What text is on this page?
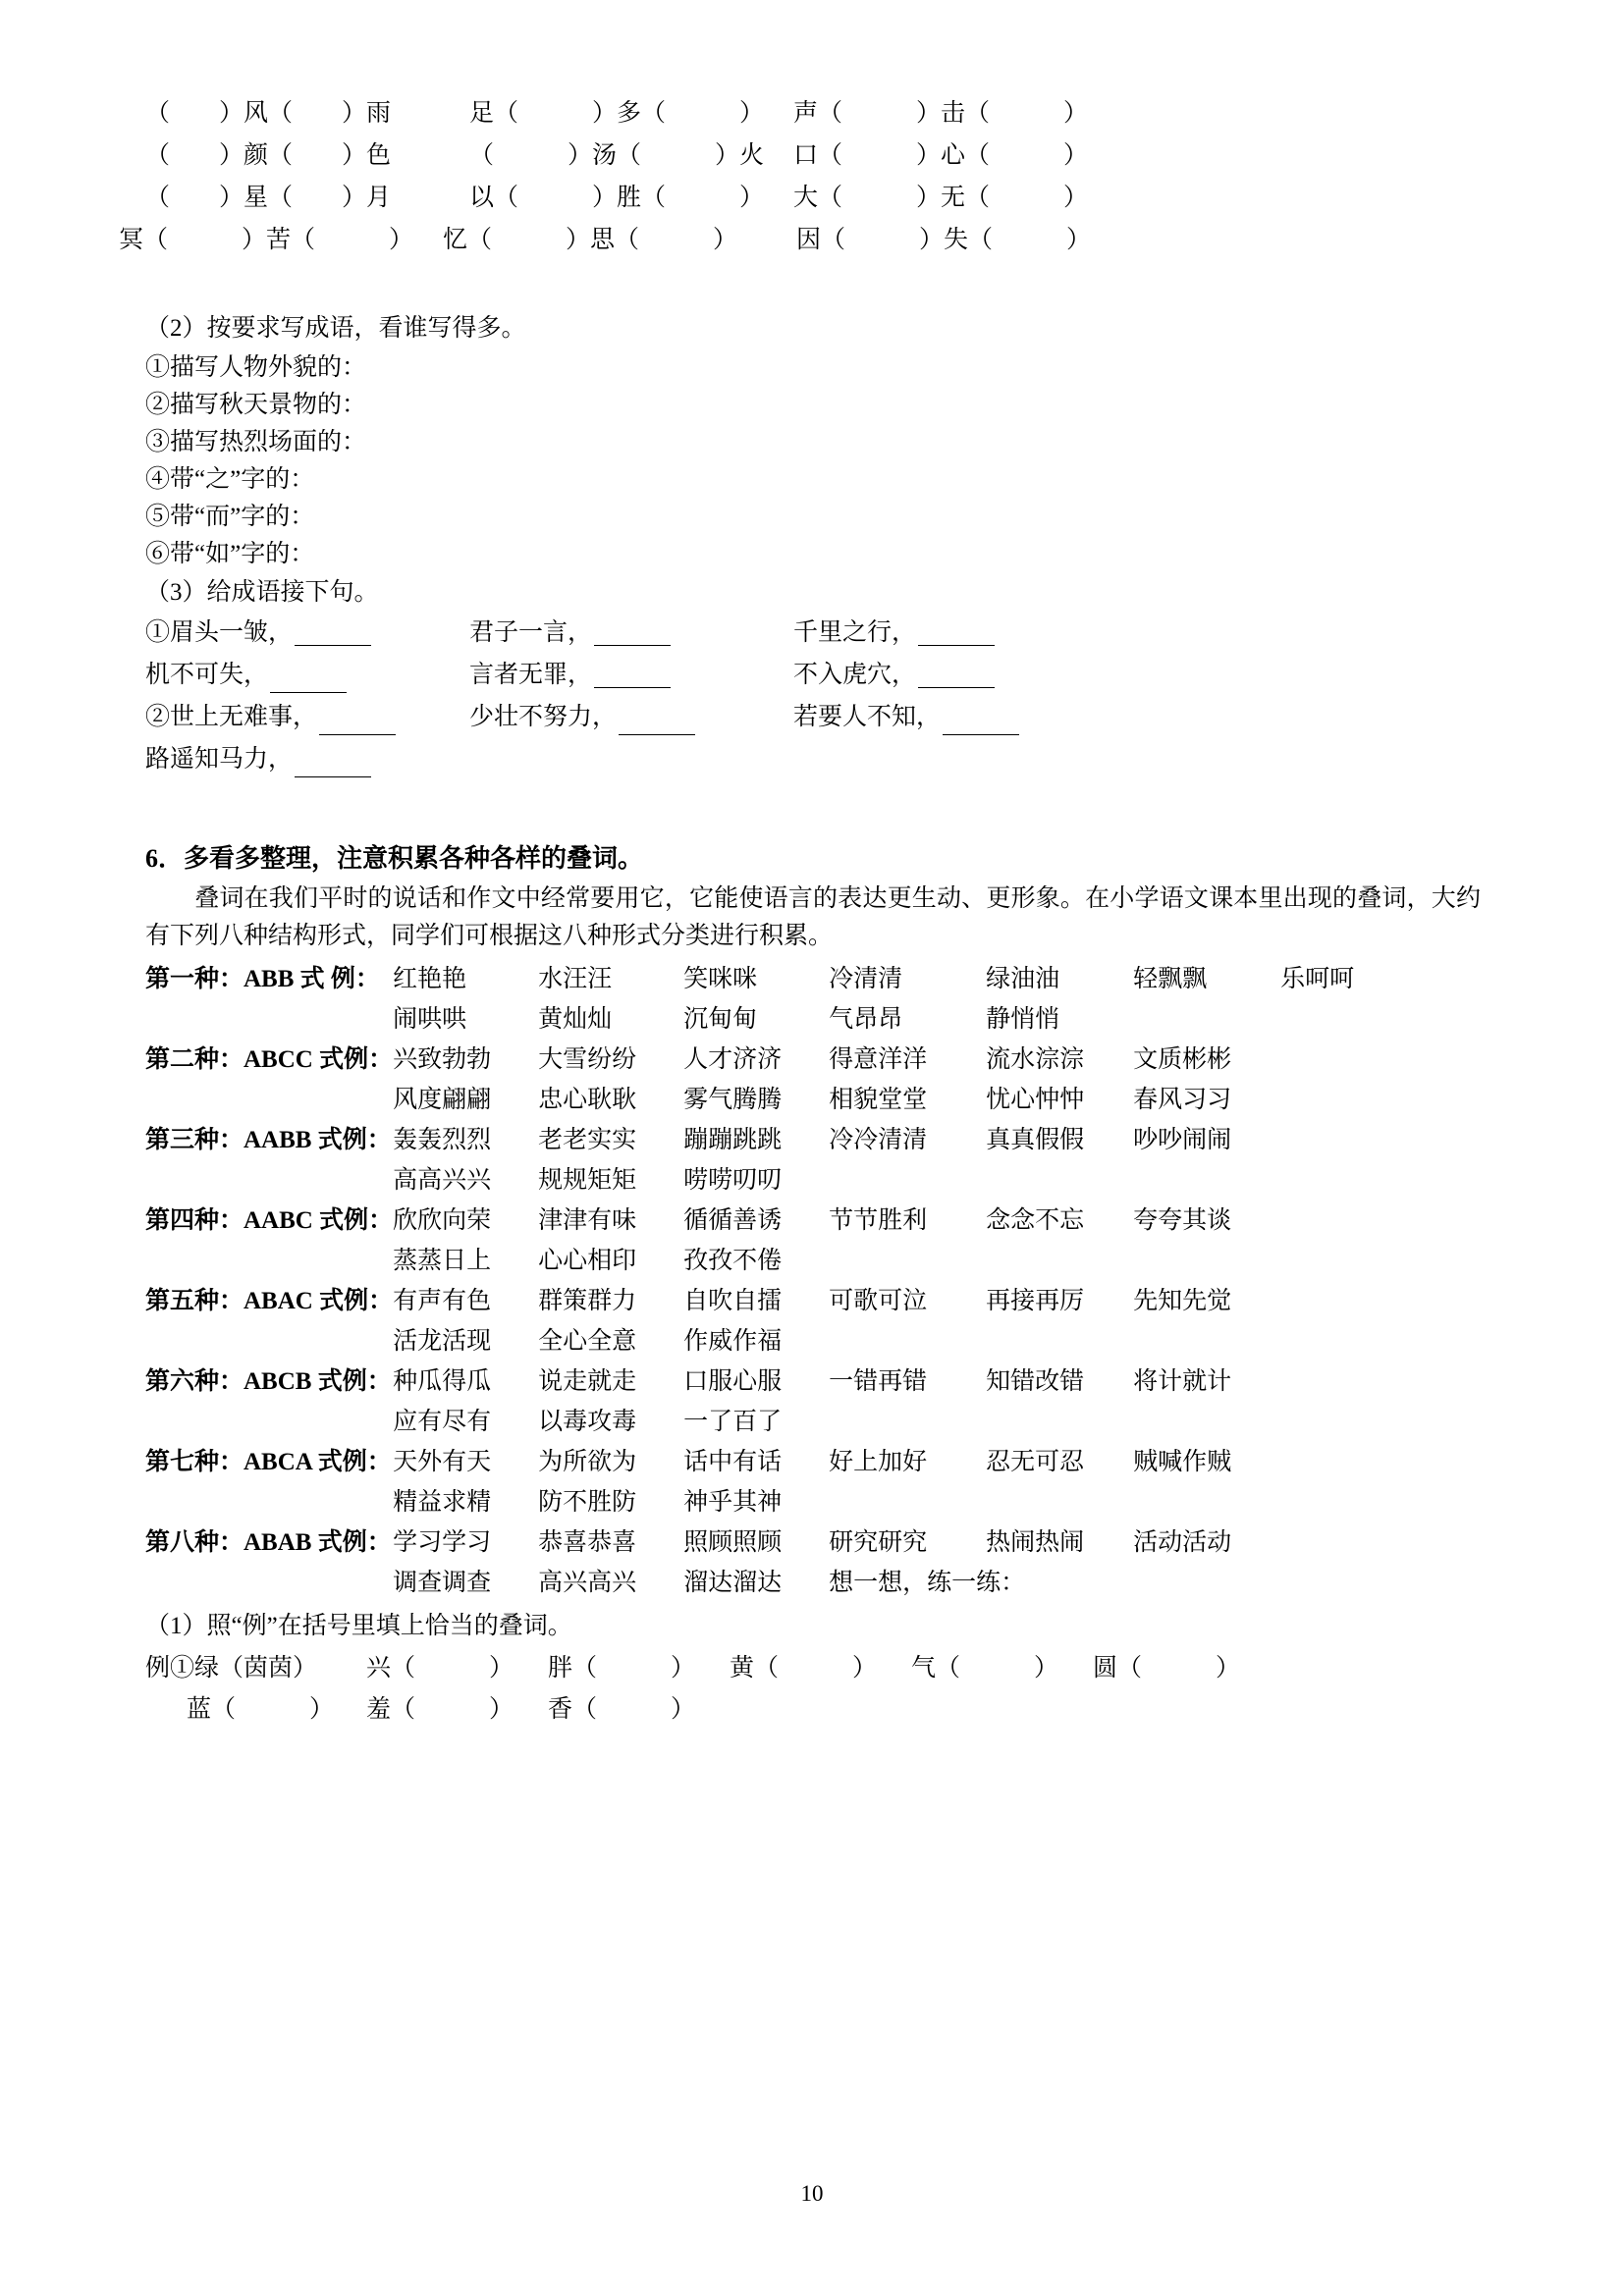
（　　）风（　　）雨	足（　　　）多（　　　）	声（　　　）击（　　　）
（　　）颜（　　）色	（　　　）汤（　　　）火	口（　　　）心（　　　）
（　　）星（　　）月	以（　　　）胜（　　　）	大（　　　）无（　　　）
冥（　　　）苦（　　　）	忆（　　　）思（　　　）	因（　　　）失（　　　）
（2）按要求写成语，看谁写得多。
①描写人物外貌的：
②描写秋天景物的：
③描写热烈场面的：
④带“之”字的：
⑤带“而”字的：
⑥带“如”字的：
（3）给成语接下句。
①眉头一皱，	君子一言，	千里之行，
机不可失，	言者无罪，	不入虎穴，
②世上无难事，	少壮不努力，	若要人不知，
路遥知马力，
6．多看多整理，注意积累各种各样的叠词。
叠词在我们平时的说话和作文中经常要用它，它能使语言的表达更生动、更形象。在小学语文课本里出现的叠词，大约有下列八种结构形式，同学们可根据这八种形式分类进行积累。
第一种：ABB 式 例：	红艳艳	水汪汪	笑咪咪	冷清清	绿油油	轻飘飘	乐呵呵
	闹哄哄	黄灿灿	沉甸甸	气昂昂	静悄悄		
第二种：ABCC 式例：	兴致勃勃	大雪纷纷	人才济济	得意洋洋	流水淙淙	文质彬彬	
	风度翩翩	忠心耿耿	雾气腾腾	相貌堂堂	忧心忡忡	春风习习	
第三种：AABB 式例：	轰轰烈烈	老老实实	蹦蹦跳跳	冷冷清清	真真假假	吵吵闹闹	
	高高兴兴	规规矩矩	唠唠叨叨				
第四种：AABC 式例：	欣欣向荣	津津有味	循循善诱	节节胜利	念念不忘	夸夸其谈	
	蒸蒸日上	心心相印	孜孜不倦				
第五种：ABAC 式例：	有声有色	群策群力	自吹自擂	可歌可泣	再接再厉	先知先觉	
	活龙活现	全心全意	作威作福				
第六种：ABCB 式例：	种瓜得瓜	说走就走	口服心服	一错再错	知错改错	将计就计	
	应有尽有	以毒攻毒	一了百了				
第七种：ABCA 式例：	天外有天	为所欲为	话中有话	好上加好	忍无可忍	贼喊作贼	
	精益求精	防不胜防	神乎其神				
第八种：ABAB 式例：	学习学习	恭喜恭喜	照顾照顾	研究研究	热闹热闹	活动活动	
	调查调查	高兴高兴	溜达溜达	想一想，练一练：			
（1）照“例”在括号里填上恰当的叠词。
例①绿（茵茵）	兴（　　　）	胖（　　　）	黄（　　　）	气（　　　）	圆（　　　）
蓝（　　　）	羞（　　　）	香（　　　）
10
